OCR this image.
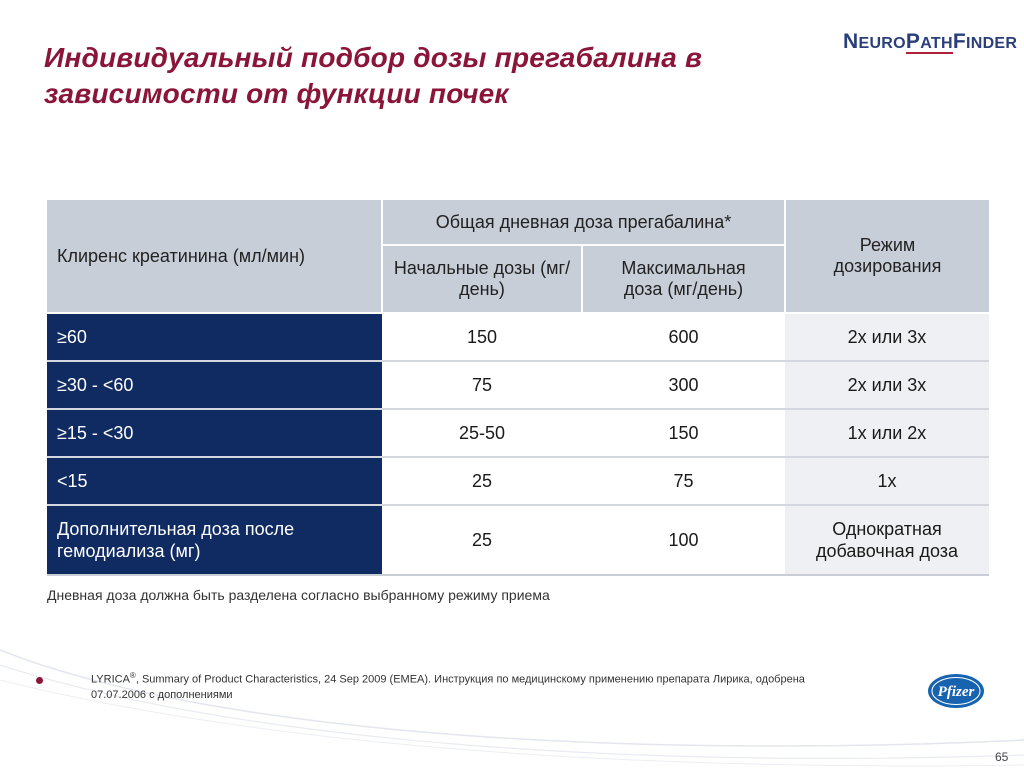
Индивидуальный подбор дозы прегабалина в зависимости от функции почек
NEUROPATHFINDER
Клиренс креатинина (мл/мин)	Общая дневная доза прегабалина*		Режим дозирования
	Начальные дозы (мг/день)	Максимальная доза (мг/день)	
≥60	150	600	2х или 3х
≥30 - <60	75	300	2х или 3х
≥15 - <30	25-50	150	1х или 2х
<15	25	75	1х
Дополнительная доза после гемодиализа (мг)	25	100	Однократная добавочная доза
Дневная доза должна быть разделена согласно выбранному режиму приема
LYRICA®, Summary of Product Characteristics, 24 Sep 2009 (EMEA). Инструкция по медицинскому применению препарата Лирика, одобрена 07.07.2006 с дополнениями	Pfizer
65
